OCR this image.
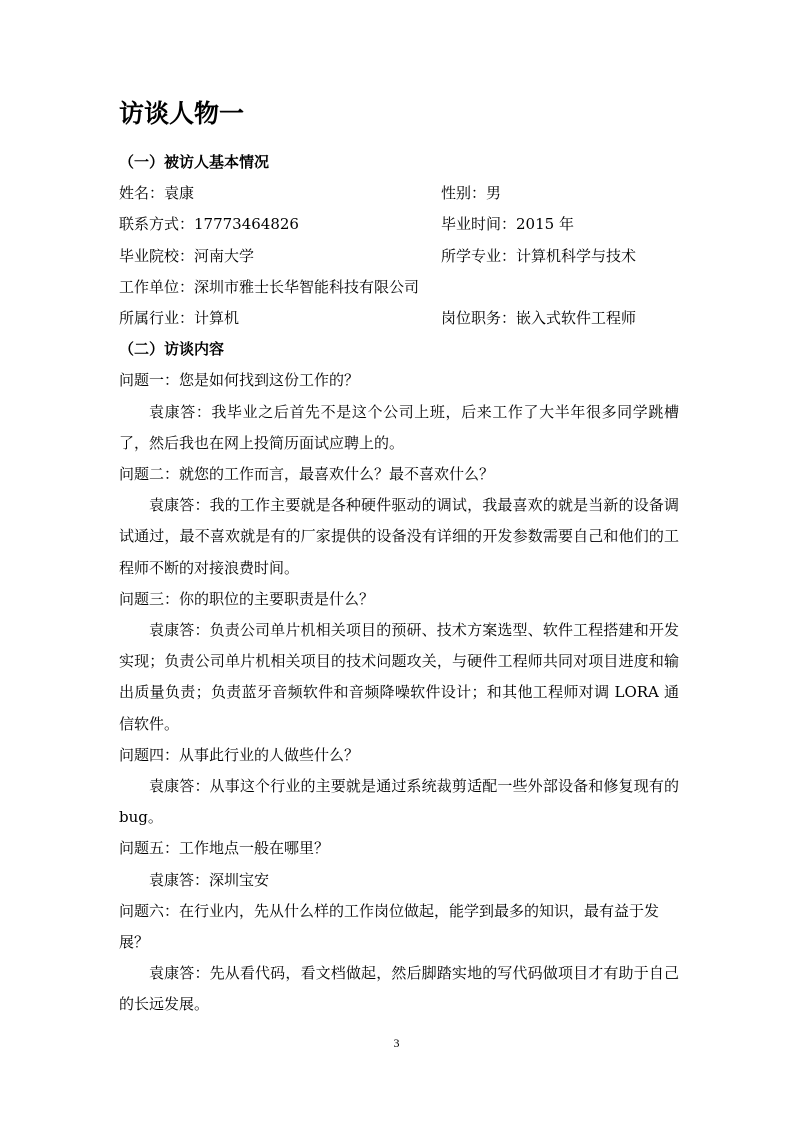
访谈人物一

（一）被访人基本情况

姓名：袁康	性别：男
联系方式：17773464826	毕业时间：2015 年
毕业院校：河南大学	所学专业：计算机科学与技术
工作单位：深圳市雅士长华智能科技有限公司
所属行业：计算机	岗位职务：嵌入式软件工程师

（二）访谈内容

问题一：您是如何找到这份工作的？

袁康答：我毕业之后首先不是这个公司上班，后来工作了大半年很多同学跳槽了，然后我也在网上投简历面试应聘上的。

问题二：就您的工作而言，最喜欢什么？最不喜欢什么？

袁康答：我的工作主要就是各种硬件驱动的调试，我最喜欢的就是当新的设备调试通过，最不喜欢就是有的厂家提供的设备没有详细的开发参数需要自己和他们的工程师不断的对接浪费时间。

问题三：你的职位的主要职责是什么？

袁康答：负责公司单片机相关项目的预研、技术方案选型、软件工程搭建和开发实现；负责公司单片机相关项目的技术问题攻关，与硬件工程师共同对项目进度和输出质量负责；负责蓝牙音频软件和音频降噪软件设计；和其他工程师对调 LORA 通信软件。

问题四：从事此行业的人做些什么？

袁康答：从事这个行业的主要就是通过系统裁剪适配一些外部设备和修复现有的 bug。

问题五：工作地点一般在哪里？

袁康答：深圳宝安

问题六：在行业内，先从什么样的工作岗位做起，能学到最多的知识，最有益于发展？

袁康答：先从看代码，看文档做起，然后脚踏实地的写代码做项目才有助于自己的长远发展。

3
